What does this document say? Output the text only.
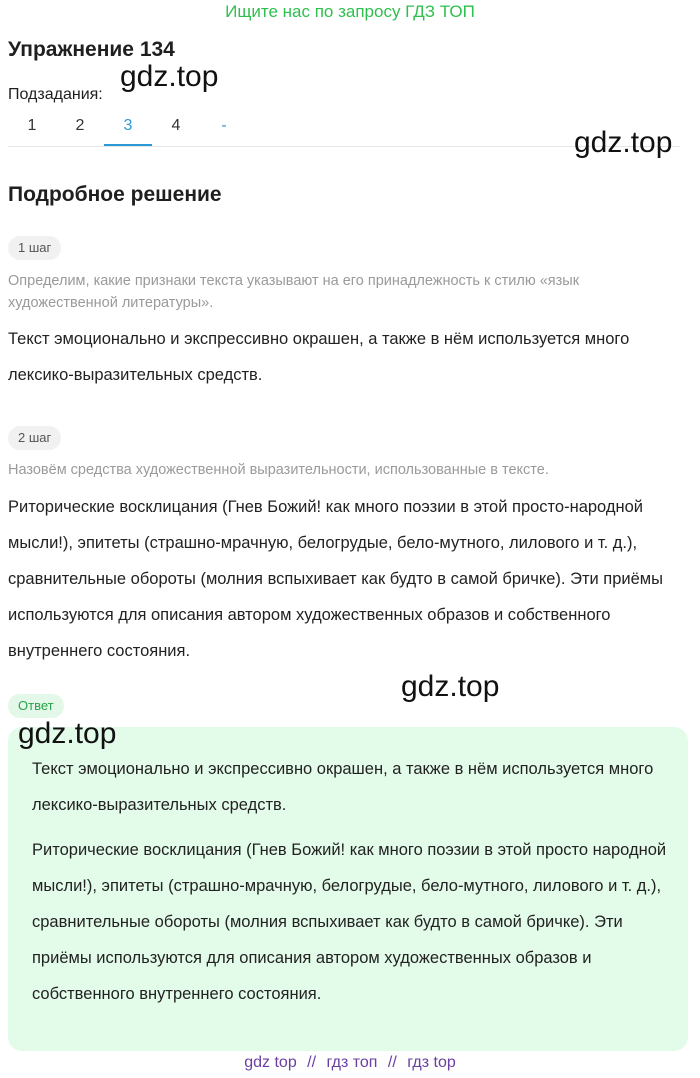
Ищите нас по запросу ГДЗ ТОП
Упражнение 134
Подзадания:
1	2	3	4	-
Подробное решение
1 шаг

Определим, какие признаки текста указывают на его принадлежность к стилю «язык художественной литературы».

Текст эмоционально и экспрессивно окрашен, а также в нём используется много лексико-выразительных средств.

2 шаг

Назовём средства художественной выразительности, использованные в тексте.

Риторические восклицания (Гнев Божий! как много поэзии в этой просто-народной мысли!), эпитеты (страшно-мрачную, белогрудые, бело-мутного, лилового и т. д.), сравнительные обороты (молния вспыхивает как будто в самой бричке). Эти приёмы используются для описания автором художественных образов и собственного внутреннего состояния.

Ответ

Текст эмоционально и экспрессивно окрашен, а также в нём используется много лексико-выразительных средств.

Риторические восклицания (Гнев Божий! как много поэзии в этой просто народной мысли!), эпитеты (страшно-мрачную, белогрудые, бело-мутного, лилового и т. д.), сравнительные обороты (молния вспыхивает как будто в самой бричке). Эти приёмы используются для описания автором художественных образов и собственного внутреннего состояния.

gdz.top
gdz.top
gdz.top
gdz.top
gdz top // гдз топ // гдз top
